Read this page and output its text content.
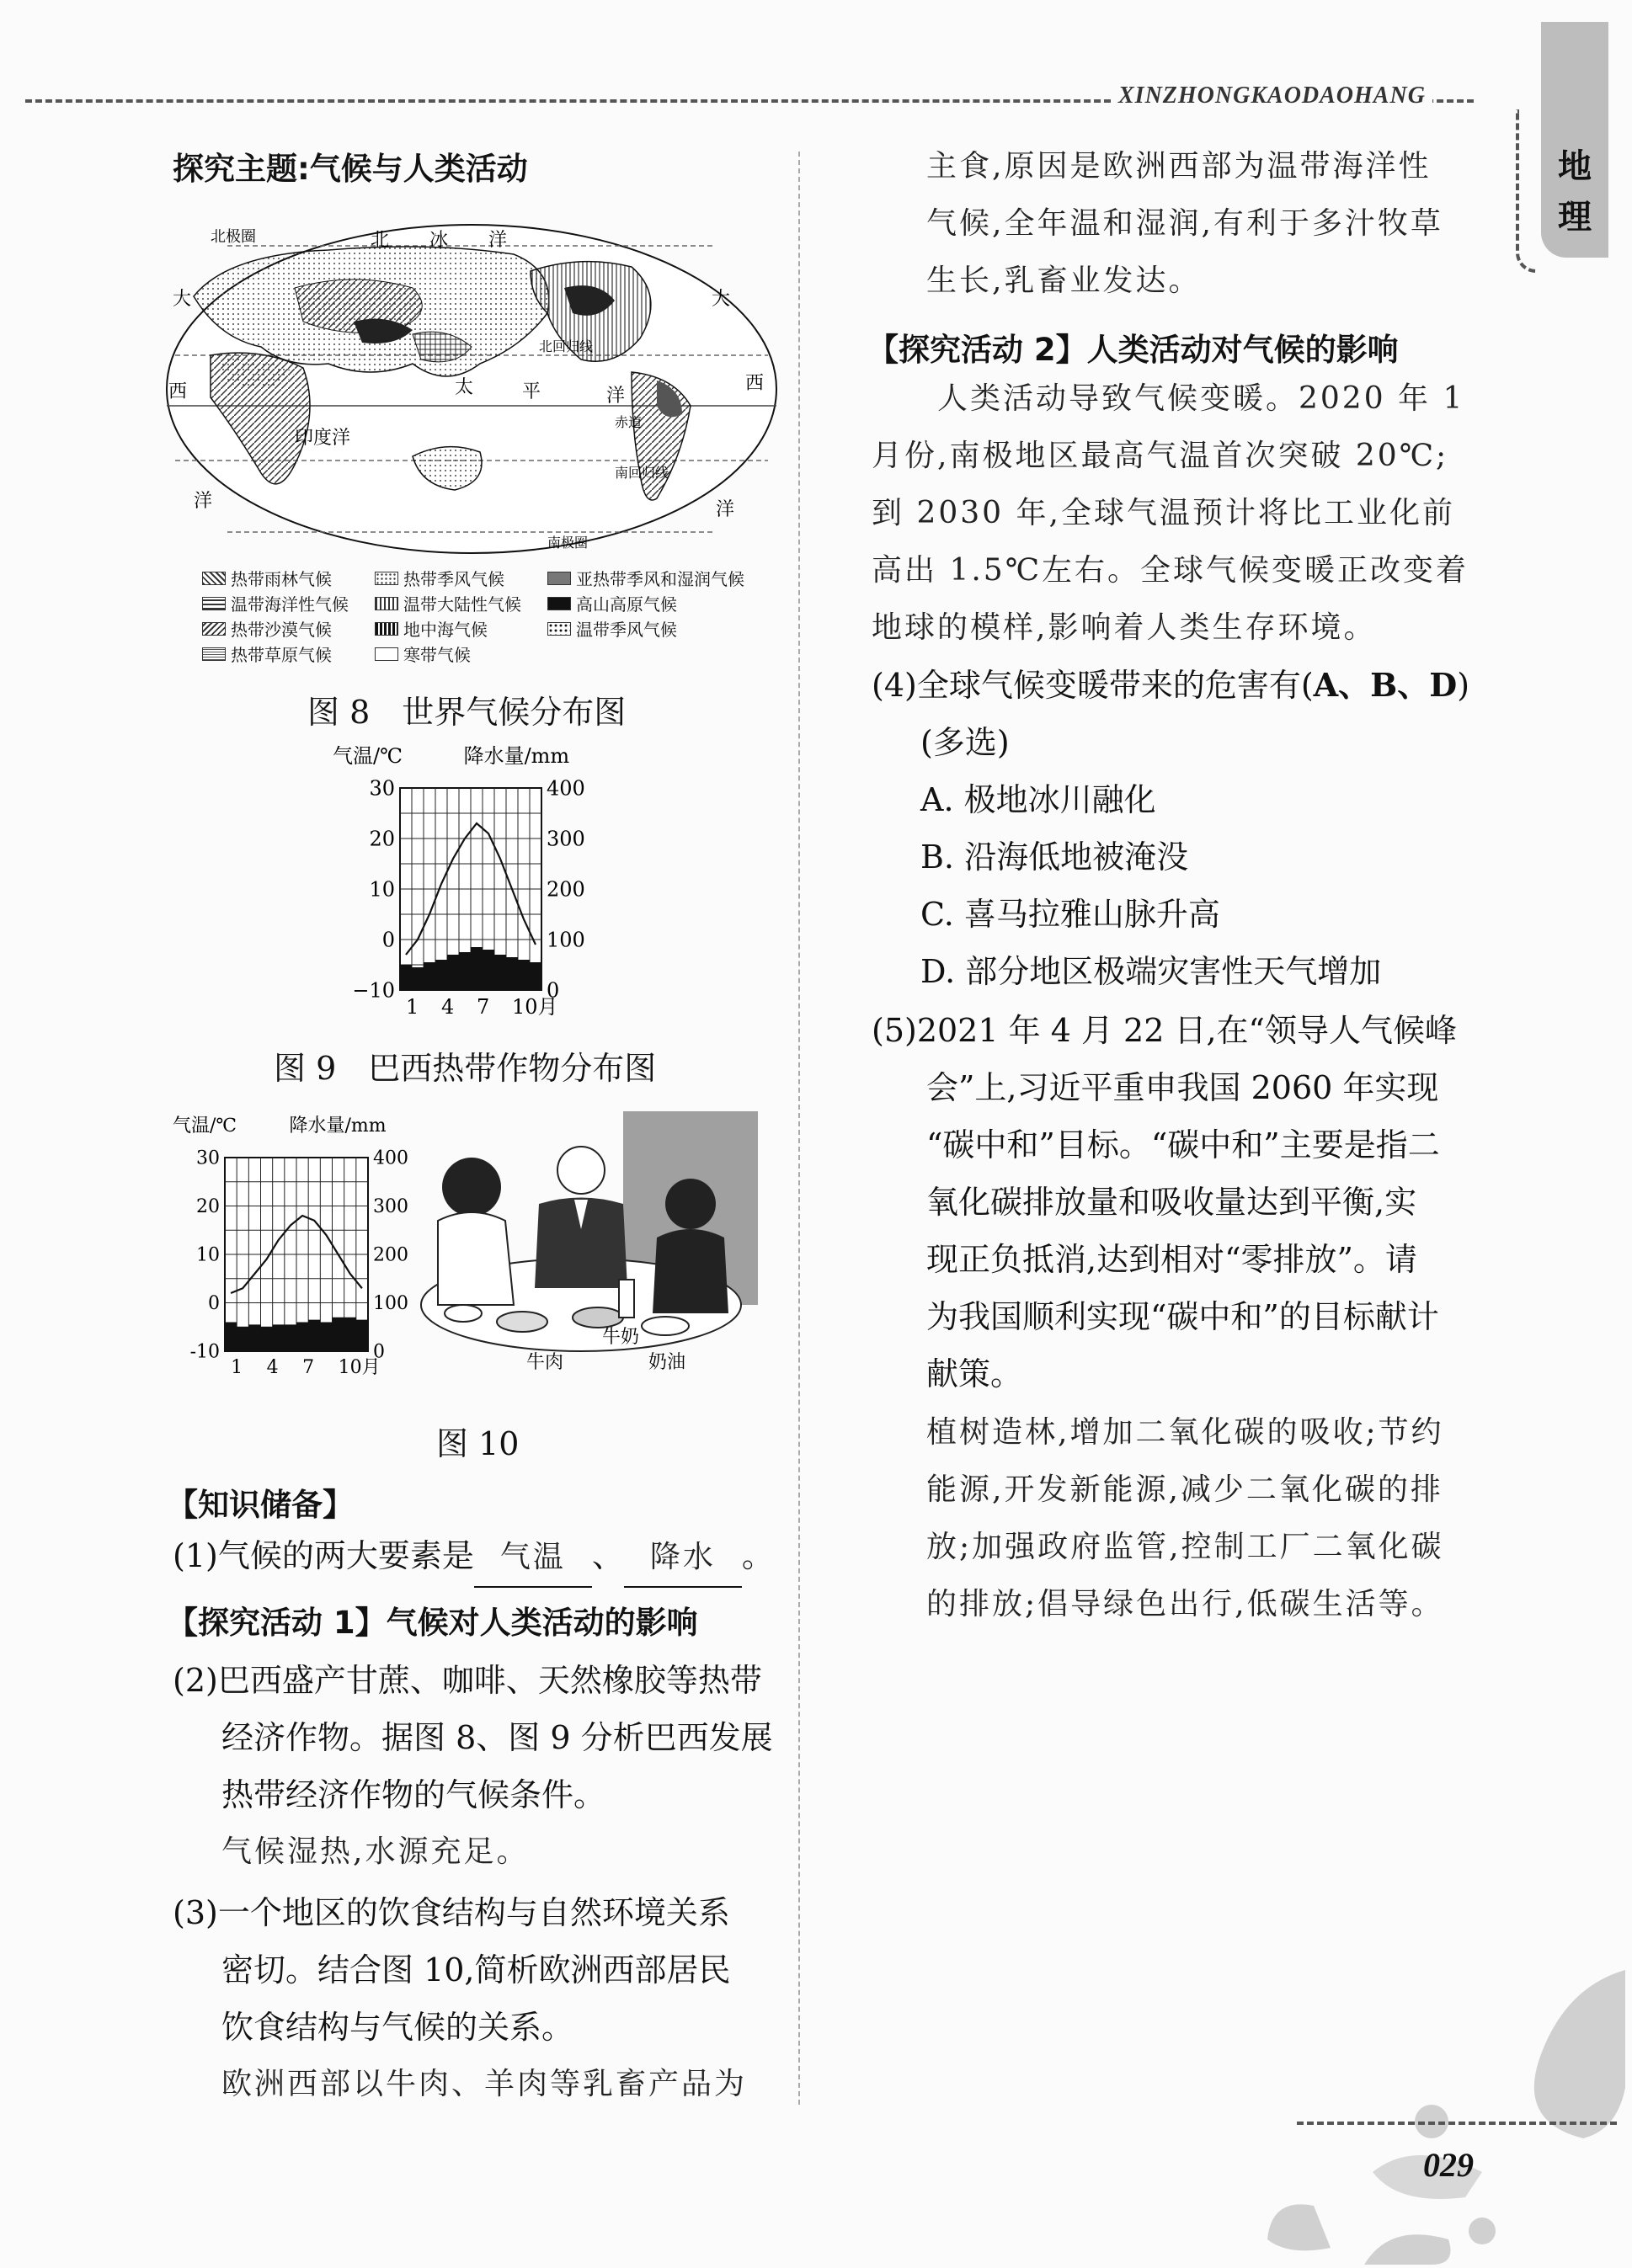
XINZHONGKAODAOHANG
地
理
探究主题:气候与人类活动
北极圈	北 冰 洋
大	大
北回归线
西	太	平	洋
西
赤道
印度洋
南回归线
洋	洋
南极圈
热带雨林气候	热带季风气候	亚热带季风和湿润气候
温带海洋性气候	温带大陆性气候	高山高原气候
热带沙漠气候	地中海气候	温带季风气候
热带草原气候	寒带气候
图 8　世界气候分布图
气温/℃	降水量/mm
30
20
10
0
−10
400
300
200
100
0
1 4 7 10月
图 9　巴西热带作物分布图
气温/℃	降水量/mm
30
20
10
0
-10
400
300
200
100
0
1 4 7 10月
牛奶
牛肉	奶油
图 10
【知识储备】
(1)气候的两大要素是 气温 、 降水 。
【探究活动 1】气候对人类活动的影响
(2)巴西盛产甘蔗、咖啡、天然橡胶等热带
经济作物。据图 8、图 9 分析巴西发展
热带经济作物的气候条件。
气候湿热,水源充足。
(3)一个地区的饮食结构与自然环境关系
密切。结合图 10,简析欧洲西部居民
饮食结构与气候的关系。
欧洲西部以牛肉、羊肉等乳畜产品为
主食,原因是欧洲西部为温带海洋性
气候,全年温和湿润,有利于多汁牧草
生长,乳畜业发达。
【探究活动 2】人类活动对气候的影响
人类活动导致气候变暖。2020 年 1
月份,南极地区最高气温首次突破 20℃;
到 2030 年,全球气温预计将比工业化前
高出 1.5℃左右。全球气候变暖正改变着
地球的模样,影响着人类生存环境。
(4)全球气候变暖带来的危害有(A、B、D)
(多选)
A. 极地冰川融化
B. 沿海低地被淹没
C. 喜马拉雅山脉升高
D. 部分地区极端灾害性天气增加
(5)2021 年 4 月 22 日,在“领导人气候峰
会”上,习近平重申我国 2060 年实现
“碳中和”目标。“碳中和”主要是指二
氧化碳排放量和吸收量达到平衡,实
现正负抵消,达到相对“零排放”。请
为我国顺利实现“碳中和”的目标献计
献策。
植树造林,增加二氧化碳的吸收;节约
能源,开发新能源,减少二氧化碳的排
放;加强政府监管,控制工厂二氧化碳
的排放;倡导绿色出行,低碳生活等。
029
